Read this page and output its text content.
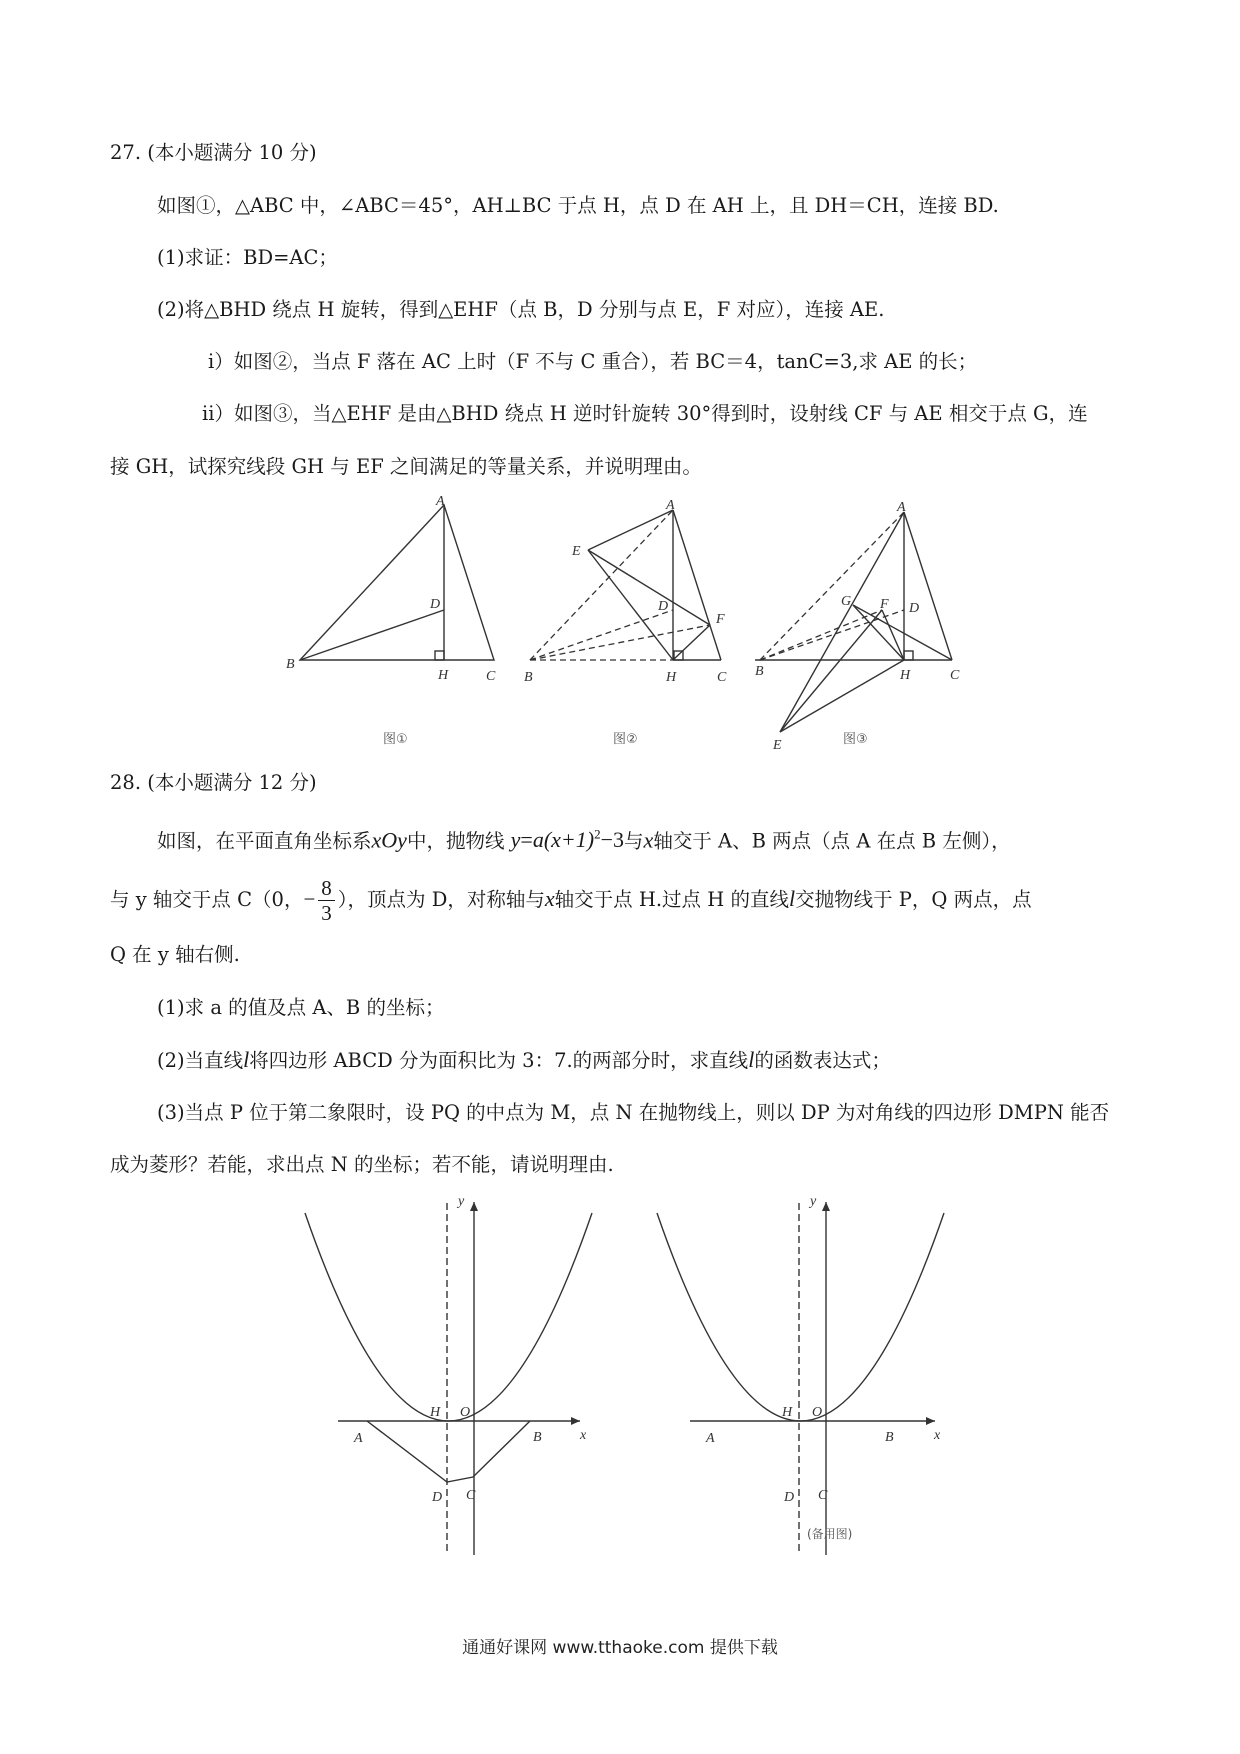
27. (本小题满分 10 分)
如图①，△ABC 中，∠ABC＝45°，AH⊥BC 于点 H，点 D 在 AH 上，且 DH＝CH，连接 BD.
(1)求证：BD=AC；
(2)将△BHD 绕点 H 旋转，得到△EHF（点 B，D 分别与点 E，F 对应），连接 AE.
ⅰ）如图②，当点 F 落在 AC 上时（F 不与 C 重合），若 BC＝4，tanC=3,求 AE 的长；
ⅱ）如图③，当△EHF 是由△BHD 绕点 H 逆时针旋转 30°得到时，设射线 CF 与 AE 相交于点 G，连
接 GH，试探究线段 GH 与 EF 之间满足的等量关系，并说明理由。
A
B
C
D
H
图①
A
E
D
F
B	H	C
图②
A
G F D
B	H	C
E	图③
y
x
A
H O
B
D C
y
x
A
H O
B
D C
(备用图)
28. (本小题满分 12 分)
如图，在平面直角坐标系xOy中，抛物线 $y=a(x+1)^2-3$与x轴交于 A、B 两点（点 A 在点 B 左侧），
与 y 轴交于点 C（0，− $\frac{8}{3}$ ），顶点为 D，对称轴与x轴交于点 H.过点 H 的直线l交抛物线于 P，Q 两点，点
Q 在 y 轴右侧.
(1)求 a 的值及点 A、B 的坐标；
(2)当直线l将四边形 ABCD 分为面积比为 3：7.的两部分时，求直线l的函数表达式；
(3)当点 P 位于第二象限时，设 PQ 的中点为 M，点 N 在抛物线上，则以 DP 为对角线的四边形 DMPN 能否
成为菱形？若能，求出点 N 的坐标；若不能，请说明理由.
通通好课网 www.tthaoke.com 提供下载
